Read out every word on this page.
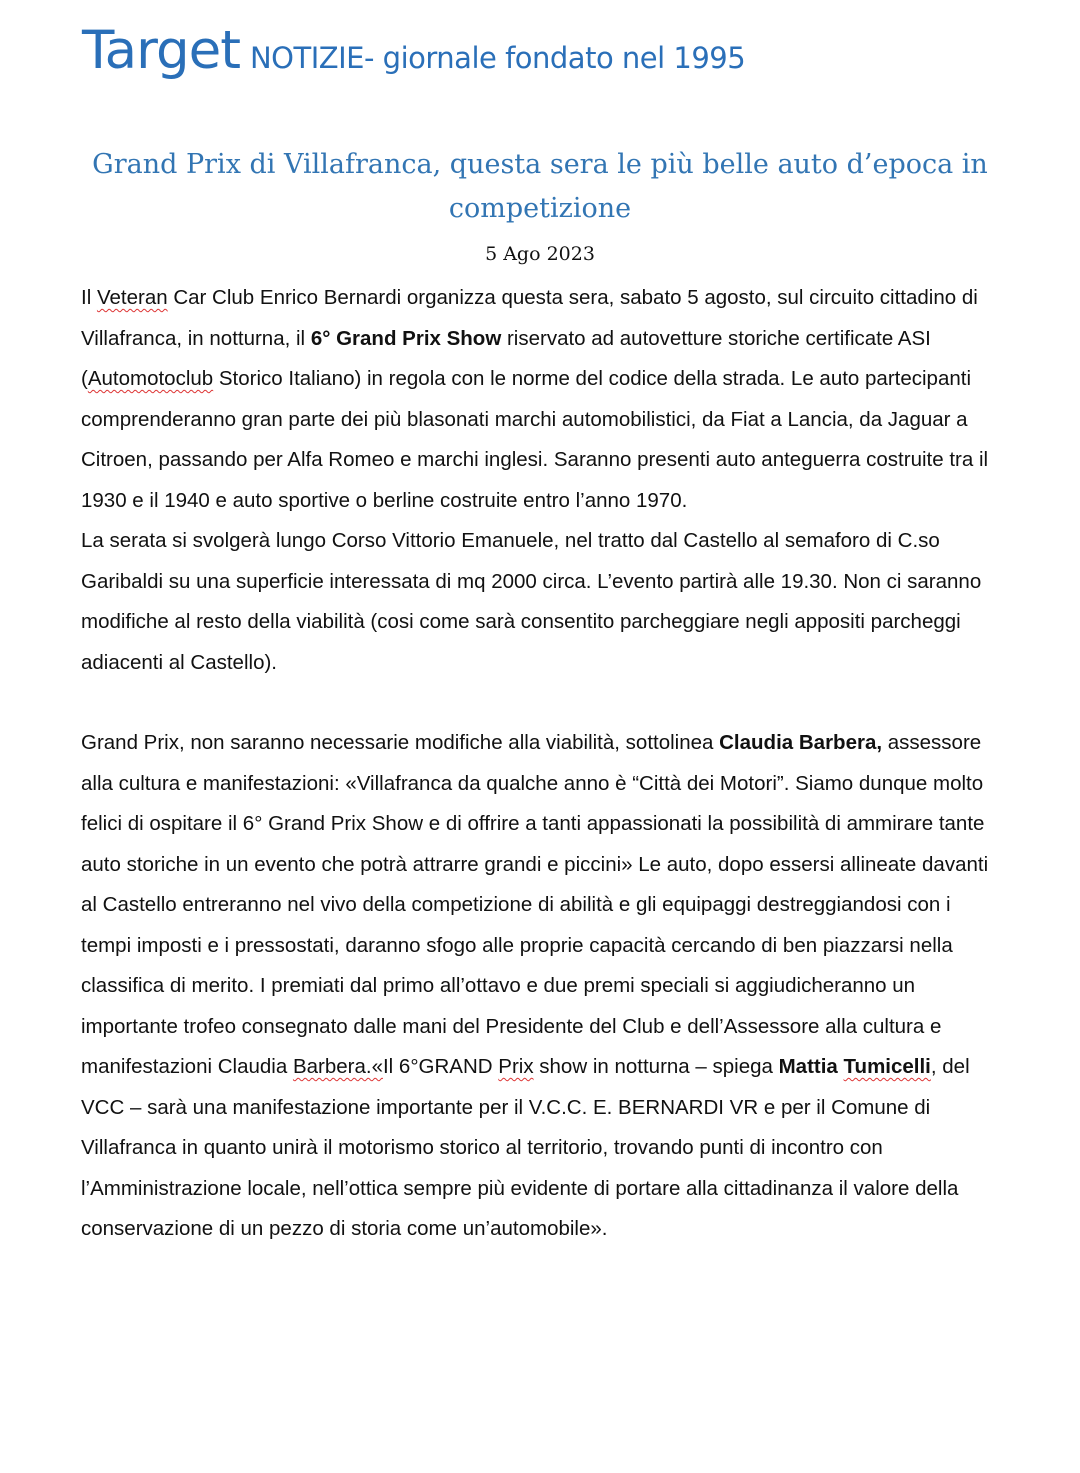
Target NOTIZIE- giornale fondato nel 1995
Grand Prix di Villafranca, questa sera le più belle auto d’epoca in competizione
5 Ago 2023

Il Veteran Car Club Enrico Bernardi organizza questa sera, sabato 5 agosto, sul circuito cittadino di Villafranca, in notturna, il 6° Grand Prix Show riservato ad autovetture storiche certificate ASI (Automotoclub Storico Italiano) in regola con le norme del codice della strada. Le auto partecipanti comprenderanno gran parte dei più blasonati marchi automobilistici, da Fiat a Lancia, da Jaguar a Citroen, passando per Alfa Romeo e marchi inglesi. Saranno presenti auto anteguerra costruite tra il 1930 e il 1940 e auto sportive o berline costruite entro l’anno 1970.

La serata si svolgerà lungo Corso Vittorio Emanuele, nel tratto dal Castello al semaforo di C.so Garibaldi su una superficie interessata di mq 2000 circa. L’evento partirà alle 19.30. Non ci saranno modifiche al resto della viabilità (cosi come sarà consentito parcheggiare negli appositi parcheggi adiacenti al Castello).

Grand Prix, non saranno necessarie modifiche alla viabilità, sottolinea Claudia Barbera, assessore alla cultura e manifestazioni: «Villafranca da qualche anno è “Città dei Motori”. Siamo dunque molto felici di ospitare il 6° Grand Prix Show e di offrire a tanti appassionati la possibilità di ammirare tante auto storiche in un evento che potrà attrarre grandi e piccini» Le auto, dopo essersi allineate davanti al Castello entreranno nel vivo della competizione di abilità e gli equipaggi destreggiandosi con i tempi imposti e i pressostati, daranno sfogo alle proprie capacità cercando di ben piazzarsi nella classifica di merito. I premiati dal primo all’ottavo e due premi speciali si aggiudicheranno un importante trofeo consegnato dalle mani del Presidente del Club e dell’Assessore alla cultura e manifestazioni Claudia Barbera.«Il 6°GRAND Prix show in notturna – spiega Mattia Tumicelli, del VCC – sarà una manifestazione importante per il V.C.C. E. BERNARDI VR e per il Comune di Villafranca in quanto unirà il motorismo storico al territorio, trovando punti di incontro con l’Amministrazione locale, nell’ottica sempre più evidente di portare alla cittadinanza il valore della conservazione di un pezzo di storia come un’automobile».
